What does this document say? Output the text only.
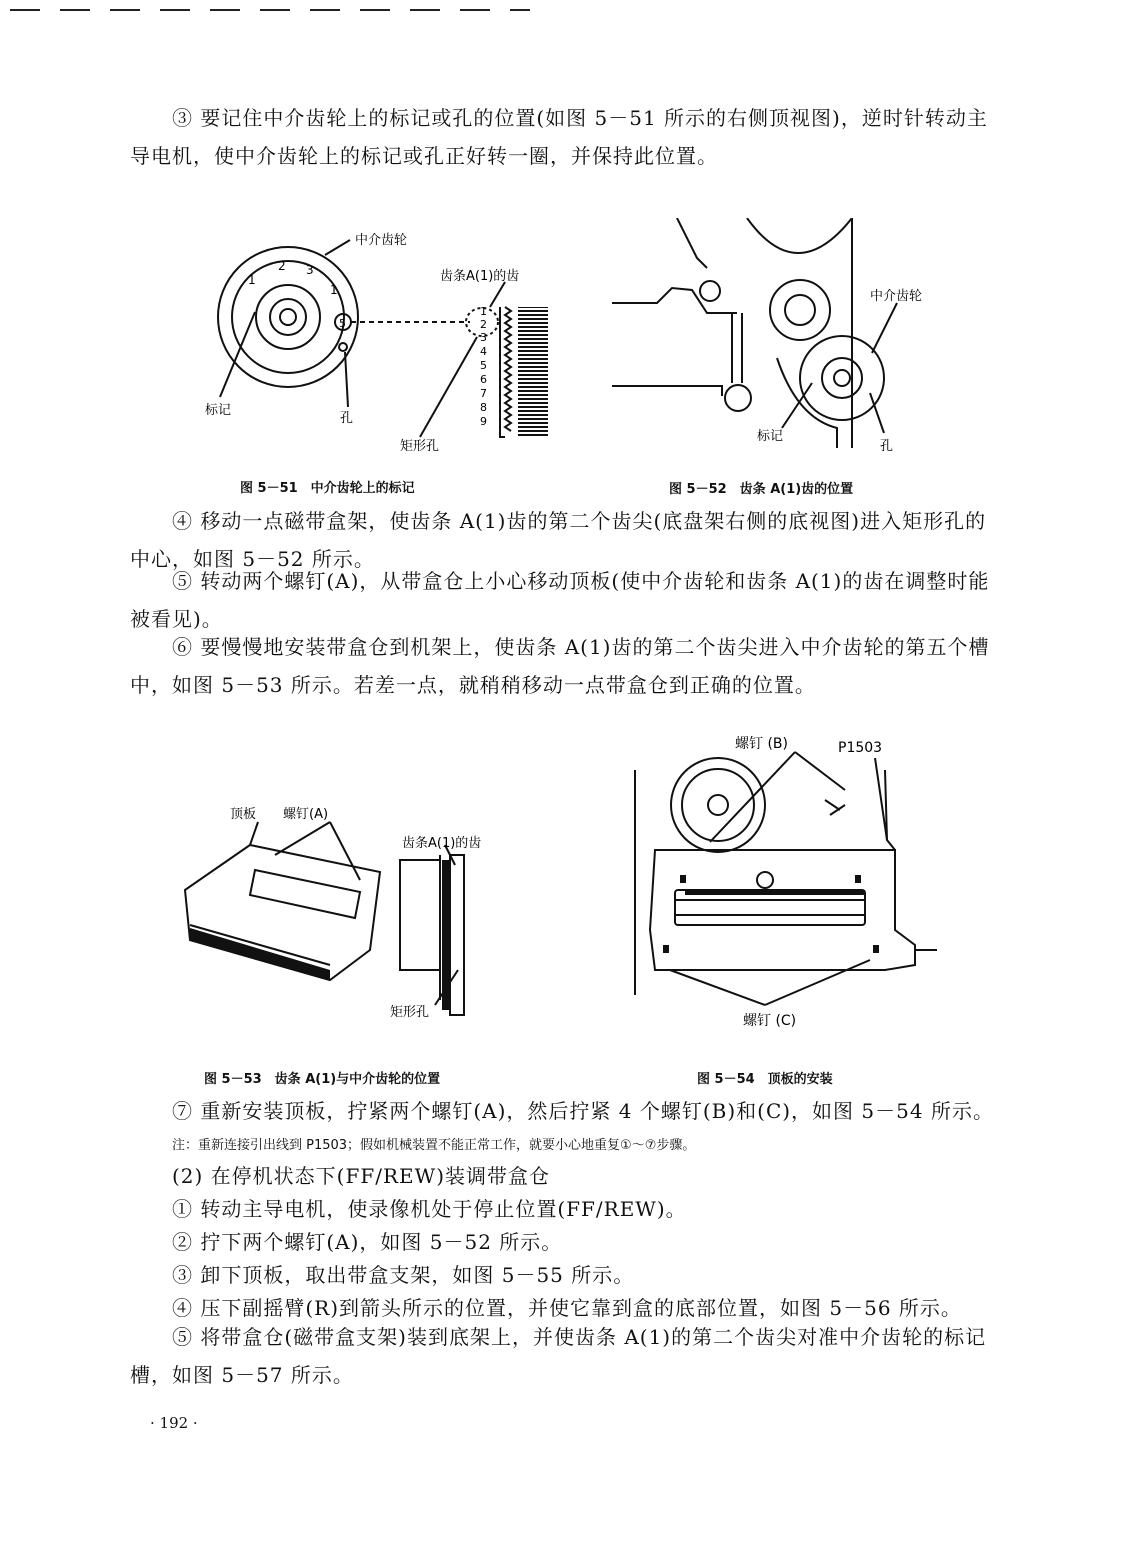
③ 要记住中介齿轮上的标记或孔的位置(如图 5－51 所示的右侧顶视图)，逆时针转动主导电机，使中介齿轮上的标记或孔正好转一圈，并保持此位置。
中介齿轮
齿条A(1)的齿
标记
孔
矩形孔
5
1
2 3
1
1
2
3
4
5
6
7
8
9
图 5－51　中介齿轮上的标记
中介齿轮
标记
孔
图 5－52　齿条 A(1)齿的位置
④ 移动一点磁带盒架，使齿条 A(1)齿的第二个齿尖(底盘架右侧的底视图)进入矩形孔的中心，如图 5－52 所示。
⑤ 转动两个螺钉(A)，从带盒仓上小心移动顶板(使中介齿轮和齿条 A(1)的齿在调整时能被看见)。
⑥ 要慢慢地安装带盒仓到机架上，使齿条 A(1)齿的第二个齿尖进入中介齿轮的第五个槽中，如图 5－53 所示。若差一点，就稍稍移动一点带盒仓到正确的位置。
顶板 螺钉(A)
齿条A(1)的齿
矩形孔
图 5－53　齿条 A(1)与中介齿轮的位置
螺钉 (B)	P1503
螺钉 (C)
图 5－54　顶板的安装
⑦ 重新安装顶板，拧紧两个螺钉(A)，然后拧紧 4 个螺钉(B)和(C)，如图 5－54 所示。
注：重新连接引出线到 P1503；假如机械装置不能正常工作，就要小心地重复①～⑦步骤。
(2) 在停机状态下(FF/REW)装调带盒仓
① 转动主导电机，使录像机处于停止位置(FF/REW)。
② 拧下两个螺钉(A)，如图 5－52 所示。
③ 卸下顶板，取出带盒支架，如图 5－55 所示。
④ 压下副摇臂(R)到箭头所示的位置，并使它靠到盒的底部位置，如图 5－56 所示。
⑤ 将带盒仓(磁带盒支架)装到底架上，并使齿条 A(1)的第二个齿尖对准中介齿轮的标记槽，如图 5－57 所示。
· 192 ·
